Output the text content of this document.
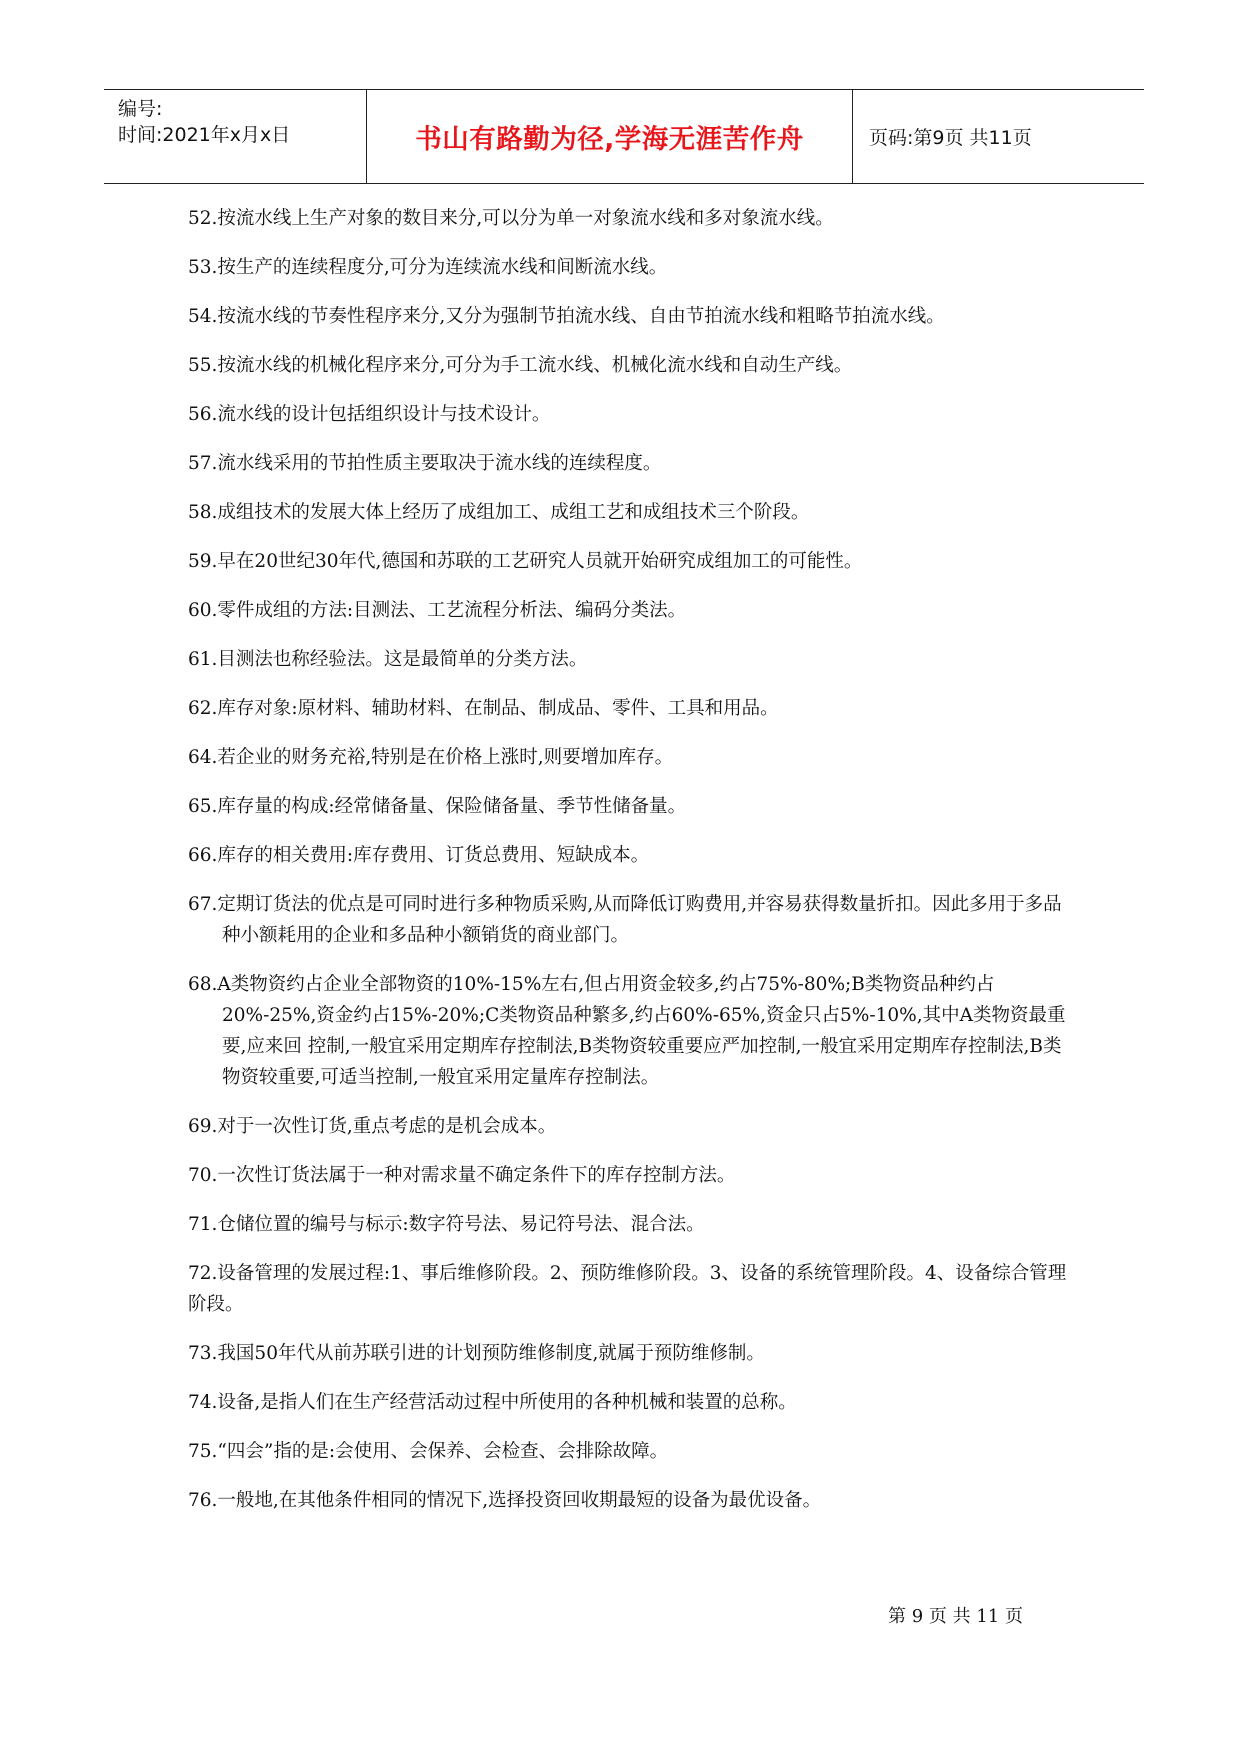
编号:
时间:2021年x月x日	书山有路勤为径,学海无涯苦作舟	页码:第9页 共11页
52.按流水线上生产对象的数目来分,可以分为单一对象流水线和多对象流水线。
53.按生产的连续程度分,可分为连续流水线和间断流水线。
54.按流水线的节奏性程序来分,又分为强制节拍流水线、自由节拍流水线和粗略节拍流水线。
55.按流水线的机械化程序来分,可分为手工流水线、机械化流水线和自动生产线。
56.流水线的设计包括组织设计与技术设计。
57.流水线采用的节拍性质主要取决于流水线的连续程度。
58.成组技术的发展大体上经历了成组加工、成组工艺和成组技术三个阶段。
59.早在20世纪30年代,德国和苏联的工艺研究人员就开始研究成组加工的可能性。
60.零件成组的方法:目测法、工艺流程分析法、编码分类法。
61.目测法也称经验法。这是最简单的分类方法。
62.库存对象:原材料、辅助材料、在制品、制成品、零件、工具和用品。
64.若企业的财务充裕,特别是在价格上涨时,则要增加库存。
65.库存量的构成:经常储备量、保险储备量、季节性储备量。
66.库存的相关费用:库存费用、订货总费用、短缺成本。
67.定期订货法的优点是可同时进行多种物质采购,从而降低订购费用,并容易获得数量折扣。因此多用于多品种小额耗用的企业和多品种小额销货的商业部门。
68.A类物资约占企业全部物资的10%-15%左右,但占用资金较多,约占75%-80%;B类物资品种约占20%-25%,资金约占15%-20%;C类物资品种繁多,约占60%-65%,资金只占5%-10%,其中A类物资最重要,应来回 控制,一般宜采用定期库存控制法,B类物资较重要应严加控制,一般宜采用定期库存控制法,B类物资较重要,可适当控制,一般宜采用定量库存控制法。
69.对于一次性订货,重点考虑的是机会成本。
70.一次性订货法属于一种对需求量不确定条件下的库存控制方法。
71.仓储位置的编号与标示:数字符号法、易记符号法、混合法。
72.设备管理的发展过程:1、事后维修阶段。2、预防维修阶段。3、设备的系统管理阶段。4、设备综合管理阶段。
73.我国50年代从前苏联引进的计划预防维修制度,就属于预防维修制。
74.设备,是指人们在生产经营活动过程中所使用的各种机械和装置的总称。
75.“四会”指的是:会使用、会保养、会检查、会排除故障。
76.一般地,在其他条件相同的情况下,选择投资回收期最短的设备为最优设备。
第 9 页 共 11 页
